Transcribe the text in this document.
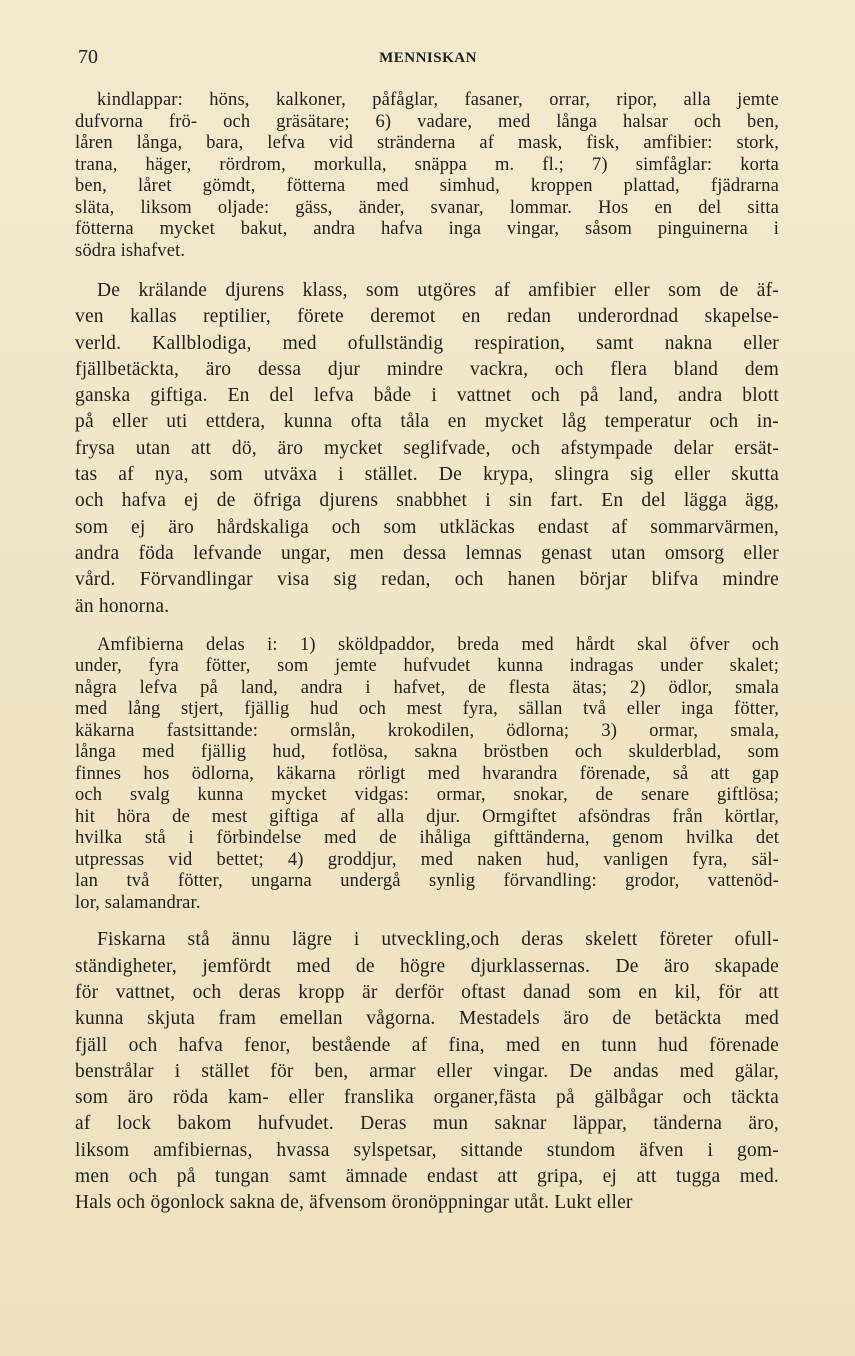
70	MENNISKAN
kindlappar: höns, kalkoner, påfåglar, fasaner, orrar, ripor, alla jemte
dufvorna frö- och gräsätare; 6) vadare, med långa halsar och ben,
låren långa, bara, lefva vid stränderna af mask, fisk, amfibier: stork,
trana, häger, rördrom, morkulla, snäppa m. fl.; 7) simfåglar: korta
ben, låret gömdt, fötterna med simhud, kroppen plattad, fjädrarna
släta, liksom oljade: gäss, änder, svanar, lommar. Hos en del sitta
fötterna mycket bakut, andra hafva inga vingar, såsom pinguinerna i
södra ishafvet.
De krälande djurens klass, som utgöres af amfibier eller som de äf-
ven kallas reptilier, förete deremot en redan underordnad skapelse-
verld. Kallblodiga, med ofullständig respiration, samt nakna eller
fjällbetäckta, äro dessa djur mindre vackra, och flera bland dem
ganska giftiga. En del lefva både i vattnet och på land, andra blott
på eller uti ettdera, kunna ofta tåla en mycket låg temperatur och in-
frysa utan att dö, äro mycket seglifvade, och afstympade delar ersät-
tas af nya, som utväxa i stället. De krypa, slingra sig eller skutta
och hafva ej de öfriga djurens snabbhet i sin fart. En del lägga ägg,
som ej äro hårdskaliga och som utkläckas endast af sommarvärmen,
andra föda lefvande ungar, men dessa lemnas genast utan omsorg eller
vård. Förvandlingar visa sig redan, och hanen börjar blifva mindre
än honorna.
Amfibierna delas i: 1) sköldpaddor, breda med hårdt skal öfver och
under, fyra fötter, som jemte hufvudet kunna indragas under skalet;
några lefva på land, andra i hafvet, de flesta ätas; 2) ödlor, smala
med lång stjert, fjällig hud och mest fyra, sällan två eller inga fötter,
käkarna fastsittande: ormslån, krokodilen, ödlorna; 3) ormar, smala,
långa med fjällig hud, fotlösa, sakna bröstben och skulderblad, som
finnes hos ödlorna, käkarna rörligt med hvarandra förenade, så att gap
och svalg kunna mycket vidgas: ormar, snokar, de senare giftlösa;
hit höra de mest giftiga af alla djur. Ormgiftet afsöndras från körtlar,
hvilka stå i förbindelse med de ihåliga gifttänderna, genom hvilka det
utpressas vid bettet; 4) groddjur, med naken hud, vanligen fyra, säl-
lan två fötter, ungarna undergå synlig förvandling: grodor, vattenöd-
lor, salamandrar.
Fiskarna stå ännu lägre i utveckling,och deras skelett företer ofull-
ständigheter, jemfördt med de högre djurklassernas. De äro skapade
för vattnet, och deras kropp är derför oftast danad som en kil, för att
kunna skjuta fram emellan vågorna. Mestadels äro de betäckta med
fjäll och hafva fenor, bestående af fina, med en tunn hud förenade
benstrålar i stället för ben, armar eller vingar. De andas med gälar,
som äro röda kam- eller franslika organer,fästa på gälbågar och täckta
af lock bakom hufvudet. Deras mun saknar läppar, tänderna äro,
liksom amfibiernas, hvassa sylspetsar, sittande stundom äfven i gom-
men och på tungan samt ämnade endast att gripa, ej att tugga med.
Hals och ögonlock sakna de, äfvensom öronöppningar utåt. Lukt eller
